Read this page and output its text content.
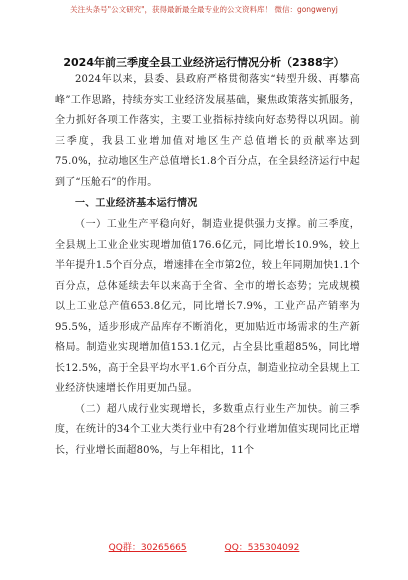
关注头条号"公文研究"，获得最新最全最专业的公文资料库！ 微信：gongwenyj
2024年前三季度全县工业经济运行情况分析（2388字）

2024年以来，县委、县政府严格贯彻落实“转型升级、再攀高峰”工作思路，持续夯实工业经济发展基础，聚焦政策落实抓服务，全力抓好各项工作落实，主要工业指标持续向好态势得以巩固。前三季度，我县工业增加值对地区生产总值增长的贡献率达到75.0%，拉动地区生产总值增长1.8个百分点，在全县经济运行中起到了“压舱石”的作用。

一、工业经济基本运行情况

（一）工业生产平稳向好，制造业提供强力支撑。前三季度，全县规上工业企业实现增加值176.6亿元，同比增长10.9%，较上半年提升1.5个百分点，增速排在全市第2位，较上年同期加快1.1个百分点，总体延续去年以来高于全省、全市的增长态势；完成规模以上工业总产值653.8亿元，同比增长7.9%，工业产品产销率为95.5%，适步形成产品库存不断消化，更加贴近市场需求的生产新格局。制造业实现增加值153.1亿元，占全县比重超85%，同比增长12.5%，高于全县平均水平1.6个百分点，制造业拉动全县规上工业经济快速增长作用更加凸显。

（二）超八成行业实现增长，多数重点行业生产加快。前三季度，在统计的34个工业大类行业中有28个行业增加值实现同比正增长，行业增长面超80%，与上年相比，11个

QQ群：30265665	QQ：535304092
